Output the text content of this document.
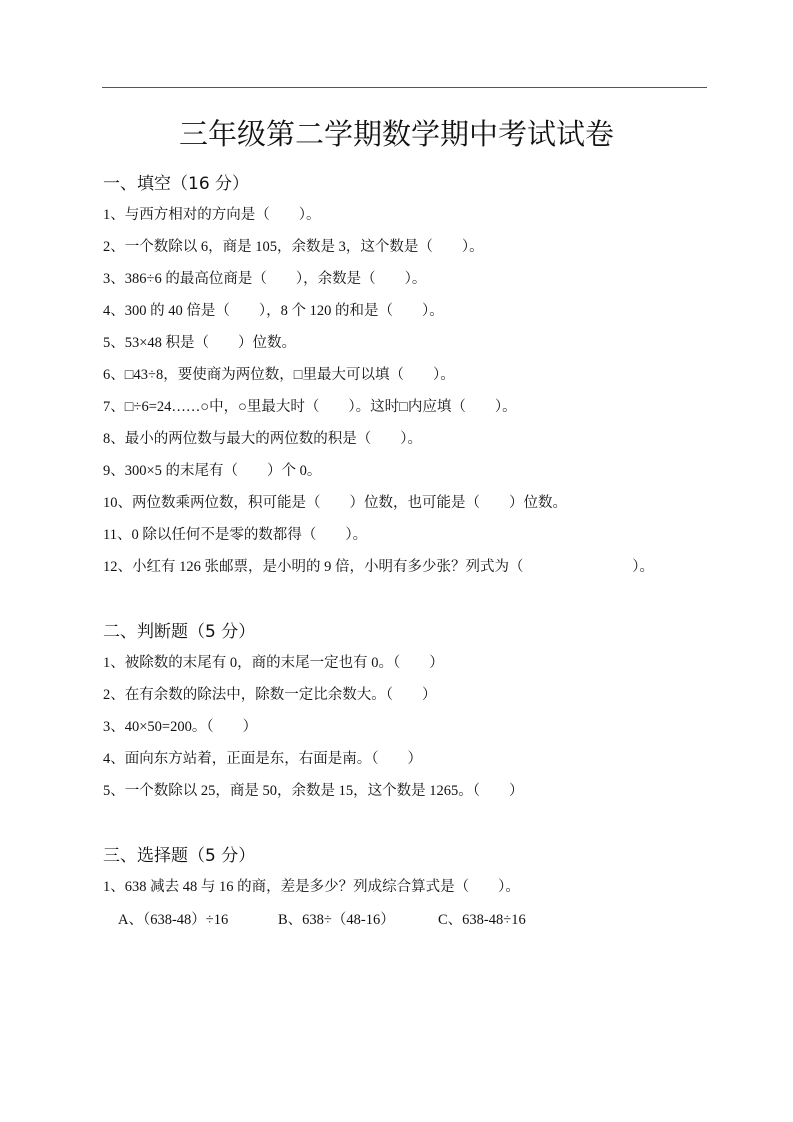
三年级第二学期数学期中考试试卷
一、填空（16 分）
1、与西方相对的方向是（        ）。
2、一个数除以 6，商是 105，余数是 3，这个数是（        ）。
3、386÷6 的最高位商是（        ），余数是（        ）。
4、300 的 40 倍是（        ），8 个 120 的和是（        ）。
5、53×48 积是（        ）位数。
6、□43÷8，要使商为两位数，□里最大可以填（        ）。
7、□÷6=24……○中，○里最大时（        ）。这时□内应填（        ）。
8、最小的两位数与最大的两位数的积是（        ）。
9、300×5 的末尾有（        ）个 0。
10、两位数乘两位数，积可能是（        ）位数，也可能是（        ）位数。
11、0 除以任何不是零的数都得（        ）。
12、小红有 126 张邮票，是小明的 9 倍，小明有多少张？列式为（                              ）。
二、判断题（5 分）
1、被除数的末尾有 0，商的末尾一定也有 0。（        ）
2、在有余数的除法中，除数一定比余数大。（        ）
3、40×50=200。（        ）
4、面向东方站着，正面是东，右面是南。（        ）
5、一个数除以 25，商是 50，余数是 15，这个数是 1265。（        ）
三、选择题（5 分）
1、638 减去 48 与 16 的商，差是多少？列成综合算式是（        ）。
A、（638-48）÷16	B、638÷（48-16）	C、638-48÷16
